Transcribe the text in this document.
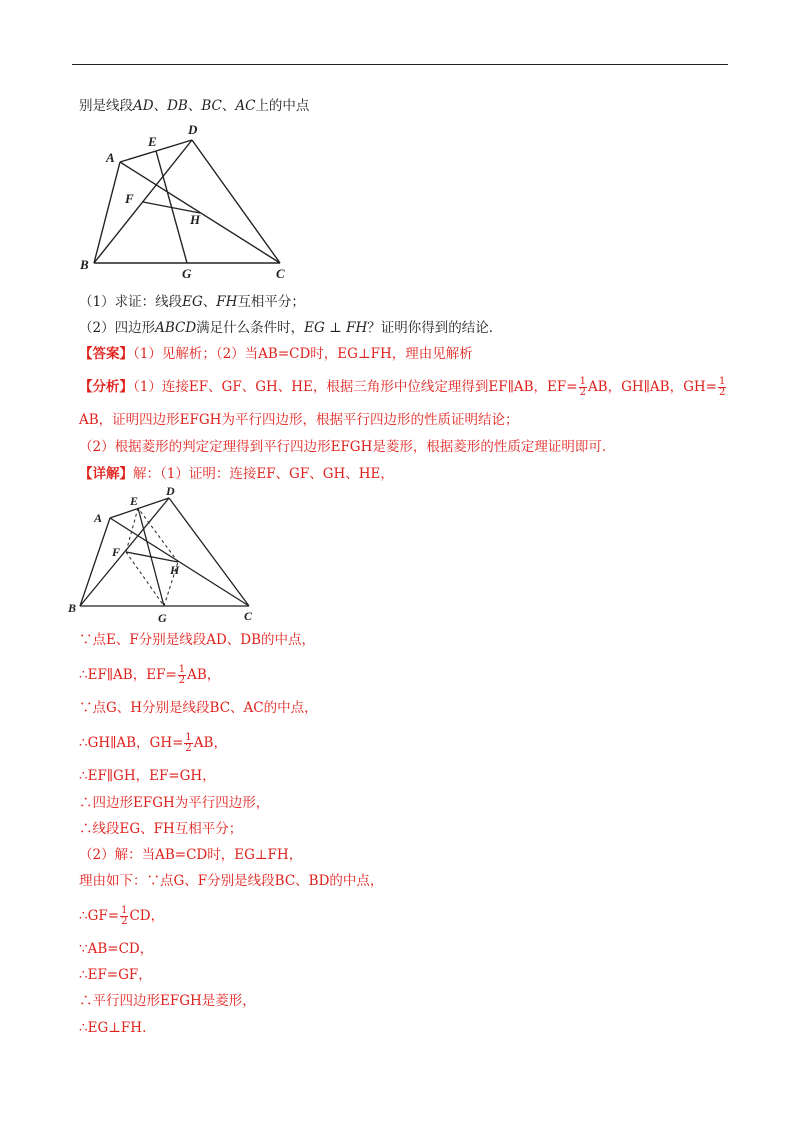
别是线段AD、DB、BC、AC上的中点
A
E
D
F
H
B
G	C
（1）求证：线段EG、FH互相平分；
（2）四边形ABCD满足什么条件时，EG ⊥ FH？证明你得到的结论．
【答案】（1）见解析；（2）当AB=CD时，EG⊥FH，理由见解析
【分析】（1）连接EF、GF、GH、HE，根据三角形中位线定理得到EF∥AB，$EF= \frac{1}{2}$ AB，GH∥AB，$GH= \frac{1}{2}$
AB，证明四边形EFGH为平行四边形，根据平行四边形的性质证明结论；
（2）根据菱形的判定定理得到平行四边形EFGH是菱形，根据菱形的性质定理证明即可．
【详解】解：（1）证明：连接EF、GF、GH、HE，
A
E
D
F
H
B
G	C
∵点E、F分别是线段AD、DB的中点，
∴EF∥AB，$EF= \frac{1}{2}$ AB，
∵点G、H分别是线段BC、AC的中点，
∴GH∥AB，$GH= \frac{1}{2}$ AB，
∴EF∥GH，EF=GH，
∴四边形EFGH为平行四边形，
∴线段EG、FH互相平分；
（2）解：当AB=CD时，EG⊥FH，
理由如下：∵点G、F分别是线段BC、BD的中点，
∴GF= $\frac{1}{2}$ CD，
∵AB=CD，
∴EF=GF，
∴平行四边形EFGH是菱形，
∴EG⊥FH.
